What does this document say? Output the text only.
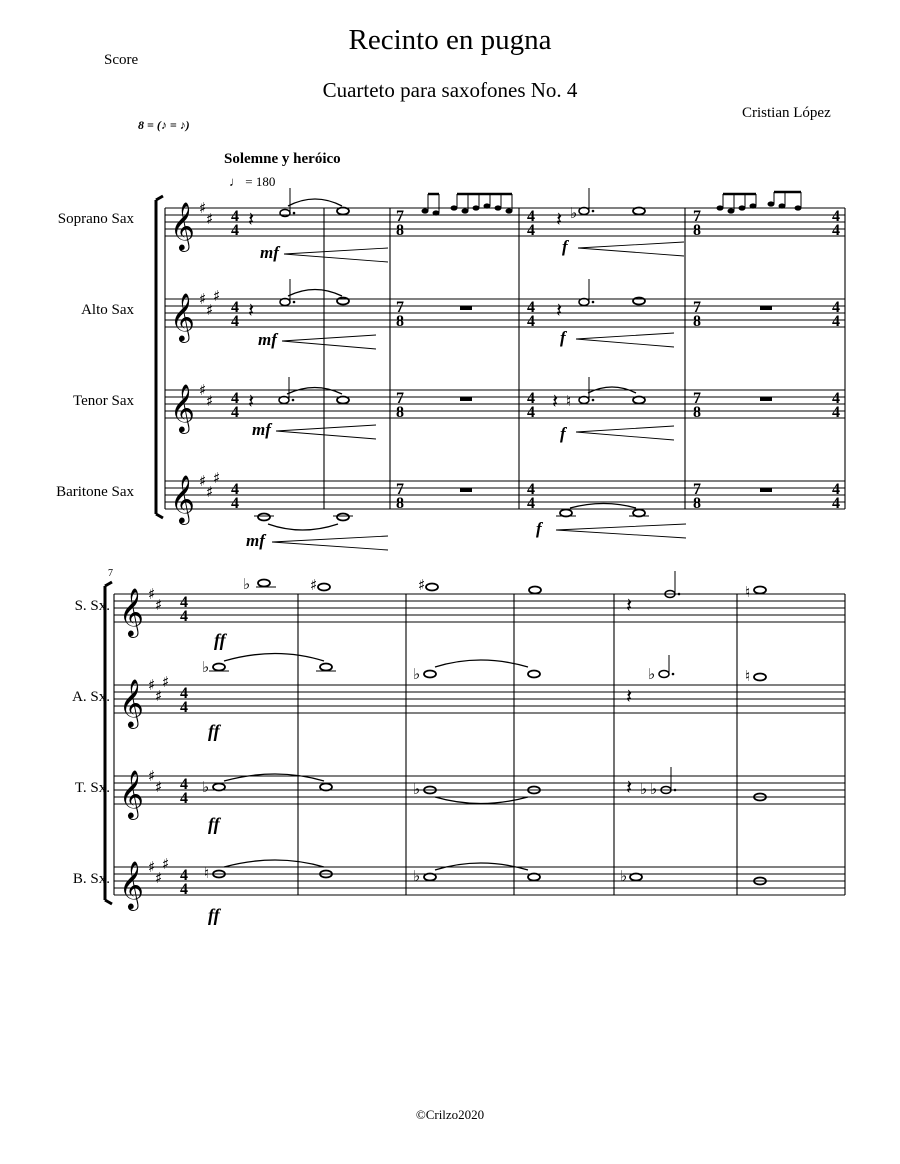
Recinto en pugna
Cuarteto para saxofones No. 4
Score
Cristian López
8 = (♪ = ♪)
Solemne y heróico
♩ = 180
Soprano Sax
Alto Sax
Tenor Sax
Baritone Sax
S. Sx.
A. Sx.
T. Sx.
B. Sx.
𝄞
𝄞
𝄞
𝄞
♯
♯
♯
♯
♯
♯
♯
♯
♯
♯
4
4
4
4
4
4
4
4
7
8
7
8
7
8
7
8
4
4
4
4
4
4
4
4
7
8
7
8
7
8
7
8
4
4
4
4
4
4
4
4
𝄽	𝄽 ♭
mf	f
𝄽	𝄽
mf	f
𝄽	𝄽 ♮
mf	f
mf
f
7
𝄞
𝄞
𝄞
𝄞
♯
♯
♯
♯
♯
♯
♯
♯
♯
♯
4
4
4
4
4
4
4
4
♭	♯	♯
𝄽
♮
ff
♭	♭
𝄽
♭	♮
ff
♭	♭	𝄽 ♭ ♭
ff
♮	♭	♭
ff
©Crilzo2020
